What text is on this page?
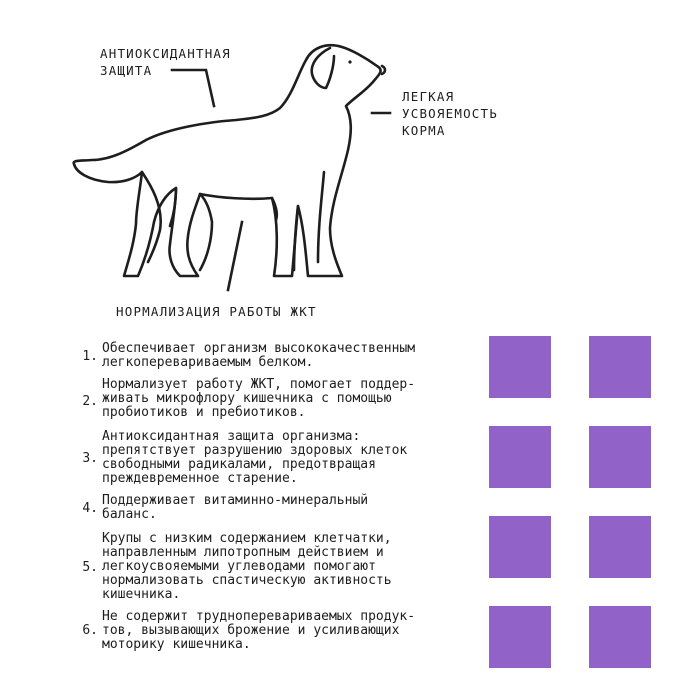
АНТИОКСИДАНТНАЯ
ЗАЩИТА
ЛЕГКАЯ
УСВОЯЕМОСТЬ
КОРМА
НОРМАЛИЗАЦИЯ РАБОТЫ ЖКТ
1.
Обеспечивает организм высококачественным
легкоперевариваемым белком.
2.
Нормализует работу ЖКТ, помогает поддер-
живать микрофлору кишечника с помощью
пробиотиков и пребиотиков.
3.
Антиоксидантная защита организма:
препятствует разрушению здоровых клеток
свободными радикалами, предотвращая
преждевременное старение.
4.
Поддерживает витаминно-минеральный
баланс.
5.
Крупы с низким содержанием клетчатки,
направленным липотропным действием и
легкоусвояемыми углеводами помогают
нормализовать спастическую активность
кишечника.
6.
Не содержит трудноперевариваемых продук-
тов, вызывающих брожение и усиливающих
моторику кишечника.
